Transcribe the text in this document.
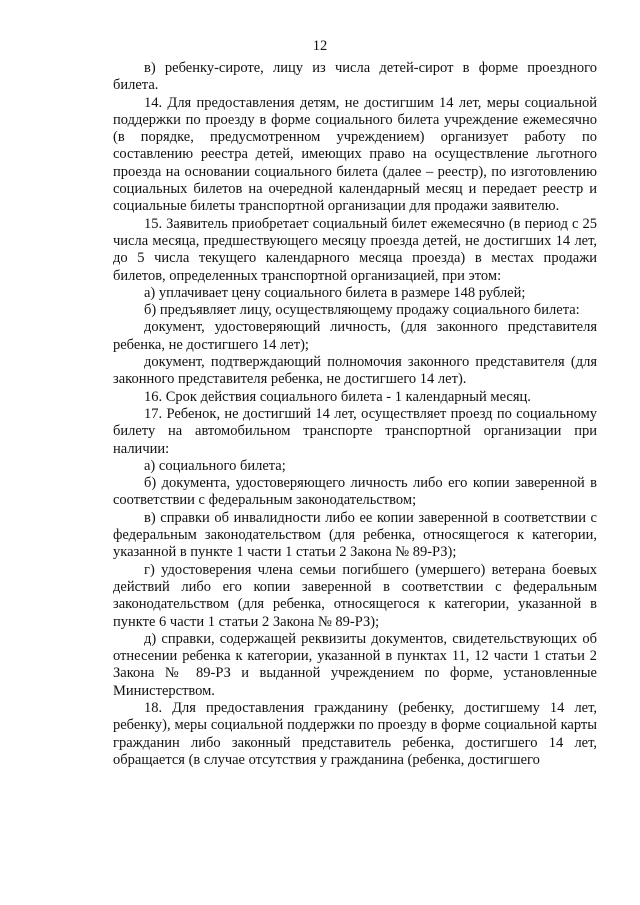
12

в) ребенку-сироте, лицу из числа детей-сирот в форме проездного билета.

14. Для предоставления детям, не достигшим 14 лет, меры социальной поддержки по проезду в форме социального билета учреждение ежемесячно (в порядке, предусмотренном учреждением) организует работу по составлению реестра детей, имеющих право на осуществление льготного проезда на основании социального билета (далее – реестр), по изготовлению социальных билетов на очередной календарный месяц и передает реестр и социальные билеты транспортной организации для продажи заявителю.

15. Заявитель приобретает социальный билет ежемесячно (в период с 25 числа месяца, предшествующего месяцу проезда детей, не достигших 14 лет, до 5 числа текущего календарного месяца проезда) в местах продажи билетов, определенных транспортной организацией, при этом:

а) уплачивает цену социального билета в размере 148 рублей;

б) предъявляет лицу, осуществляющему продажу социального билета:

документ, удостоверяющий личность, (для законного представителя ребенка, не достигшего 14 лет);

документ, подтверждающий полномочия законного представителя (для законного представителя ребенка, не достигшего 14 лет).

16. Срок действия социального билета - 1 календарный месяц.

17. Ребенок, не достигший 14 лет, осуществляет проезд по социальному билету на автомобильном транспорте транспортной организации при наличии:

а) социального билета;

б) документа, удостоверяющего личность либо его копии заверенной в соответствии с федеральным законодательством;

в) справки об инвалидности либо ее копии заверенной в соответствии с федеральным законодательством (для ребенка, относящегося к категории, указанной в пункте 1 части 1 статьи 2 Закона № 89-РЗ);

г) удостоверения члена семьи погибшего (умершего) ветерана боевых действий либо его копии заверенной в соответствии с федеральным законодательством (для ребенка, относящегося к категории, указанной в пункте 6 части 1 статьи 2 Закона № 89-РЗ);

д) справки, содержащей реквизиты документов, свидетельствующих об отнесении ребенка к категории, указанной в пунктах 11, 12 части 1 статьи 2 Закона № 89-РЗ и выданной учреждением по форме, установленные Министерством.

18. Для предоставления гражданину (ребенку, достигшему 14 лет, ребенку), меры социальной поддержки по проезду в форме социальной карты гражданин либо законный представитель ребенка, достигшего 14 лет, обращается (в случае отсутствия у гражданина (ребенка, достигшего
